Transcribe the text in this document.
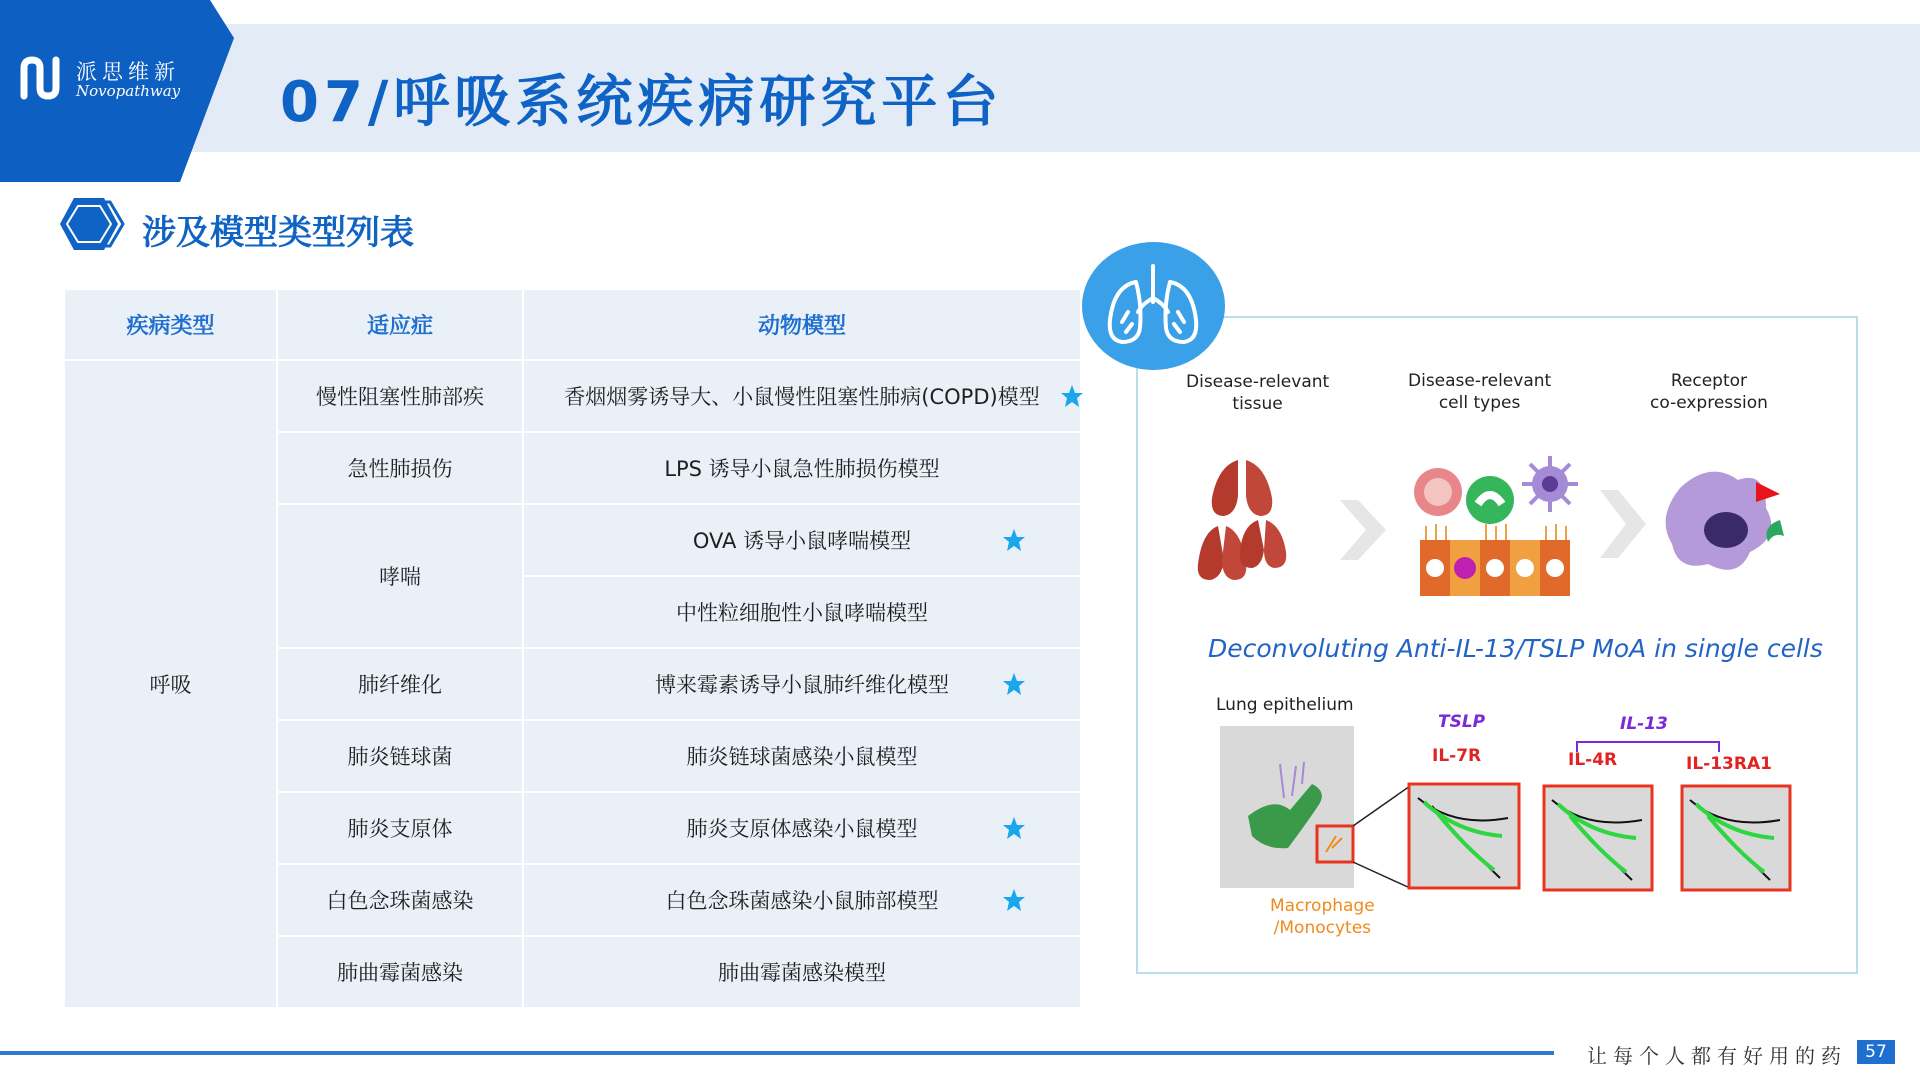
派思维新
Novopathway 07/呼吸系统疾病研究平台
涉及模型类型列表
疾病类型	适应症	动物模型
呼吸	慢性阻塞性肺部疾	香烟烟雾诱导大、小鼠慢性阻塞性肺病(COPD)模型

	急性肺损伤	LPS 诱导小鼠急性肺损伤模型
	哮喘	OVA 诱导小鼠哮喘模型

		中性粒细胞性小鼠哮喘模型
	肺纤维化	博来霉素诱导小鼠肺纤维化模型

	肺炎链球菌	肺炎链球菌感染小鼠模型
	肺炎支原体	肺炎支原体感染小鼠模型

	白色念珠菌感染	白色念珠菌感染小鼠肺部模型

	肺曲霉菌感染	肺曲霉菌感染模型
Disease-relevant
tissue
Disease-relevant
cell types
Receptor
co-expression
Deconvoluting Anti-IL-13/TSLP MoA in single cells
Lung epithelium
TSLP	IL-13
IL-7R	IL-4R	IL-13RA1
Macrophage
/Monocytes
让每个人都有好用的药	57
